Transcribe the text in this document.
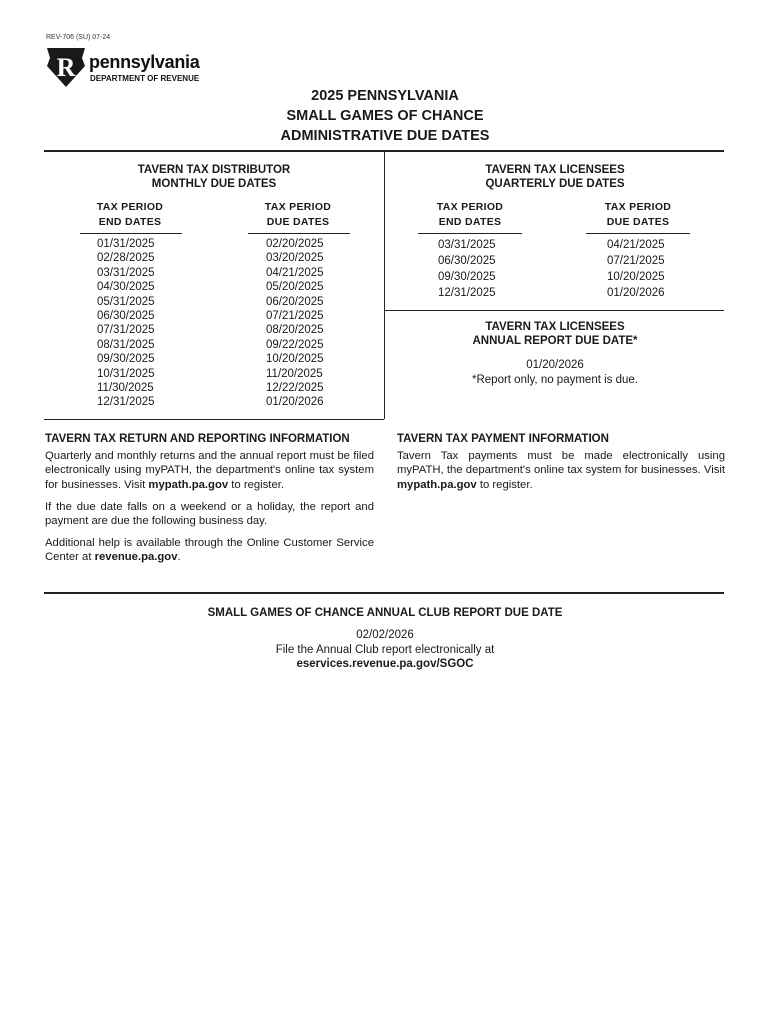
REV-706 (SU) 07-24
R pennsylvania
DEPARTMENT OF REVENUE
2025 PENNSYLVANIA
SMALL GAMES OF CHANCE
ADMINISTRATIVE DUE DATES
TAVERN TAX DISTRIBUTOR
MONTHLY DUE DATES
TAX PERIOD
END DATES
TAX PERIOD
DUE DATES
01/31/2025
02/28/2025
03/31/2025
04/30/2025
05/31/2025
06/30/2025
07/31/2025
08/31/2025
09/30/2025
10/31/2025
11/30/2025
12/31/2025
02/20/2025
03/20/2025
04/21/2025
05/20/2025
06/20/2025
07/21/2025
08/20/2025
09/22/2025
10/20/2025
11/20/2025
12/22/2025
01/20/2026
TAVERN TAX LICENSEES
QUARTERLY DUE DATES
TAX PERIOD
END DATES
TAX PERIOD
DUE DATES
03/31/2025
06/30/2025
09/30/2025
12/31/2025
04/21/2025
07/21/2025
10/20/2025
01/20/2026
TAVERN TAX LICENSEES
ANNUAL REPORT DUE DATE*
01/20/2026
*Report only, no payment is due.
TAVERN TAX RETURN AND REPORTING INFORMATION
Quarterly and monthly returns and the annual report must be filed electronically using myPATH, the department's online tax system for businesses. Visit mypath.pa.gov to register.
If the due date falls on a weekend or a holiday, the report and payment are due the following business day.
Additional help is available through the Online Customer Service Center at revenue.pa.gov.
TAVERN TAX PAYMENT INFORMATION
Tavern Tax payments must be made electronically using myPATH, the department's online tax system for businesses. Visit mypath.pa.gov to register.
SMALL GAMES OF CHANCE ANNUAL CLUB REPORT DUE DATE
02/02/2026
File the Annual Club report electronically at
eservices.revenue.pa.gov/SGOC
